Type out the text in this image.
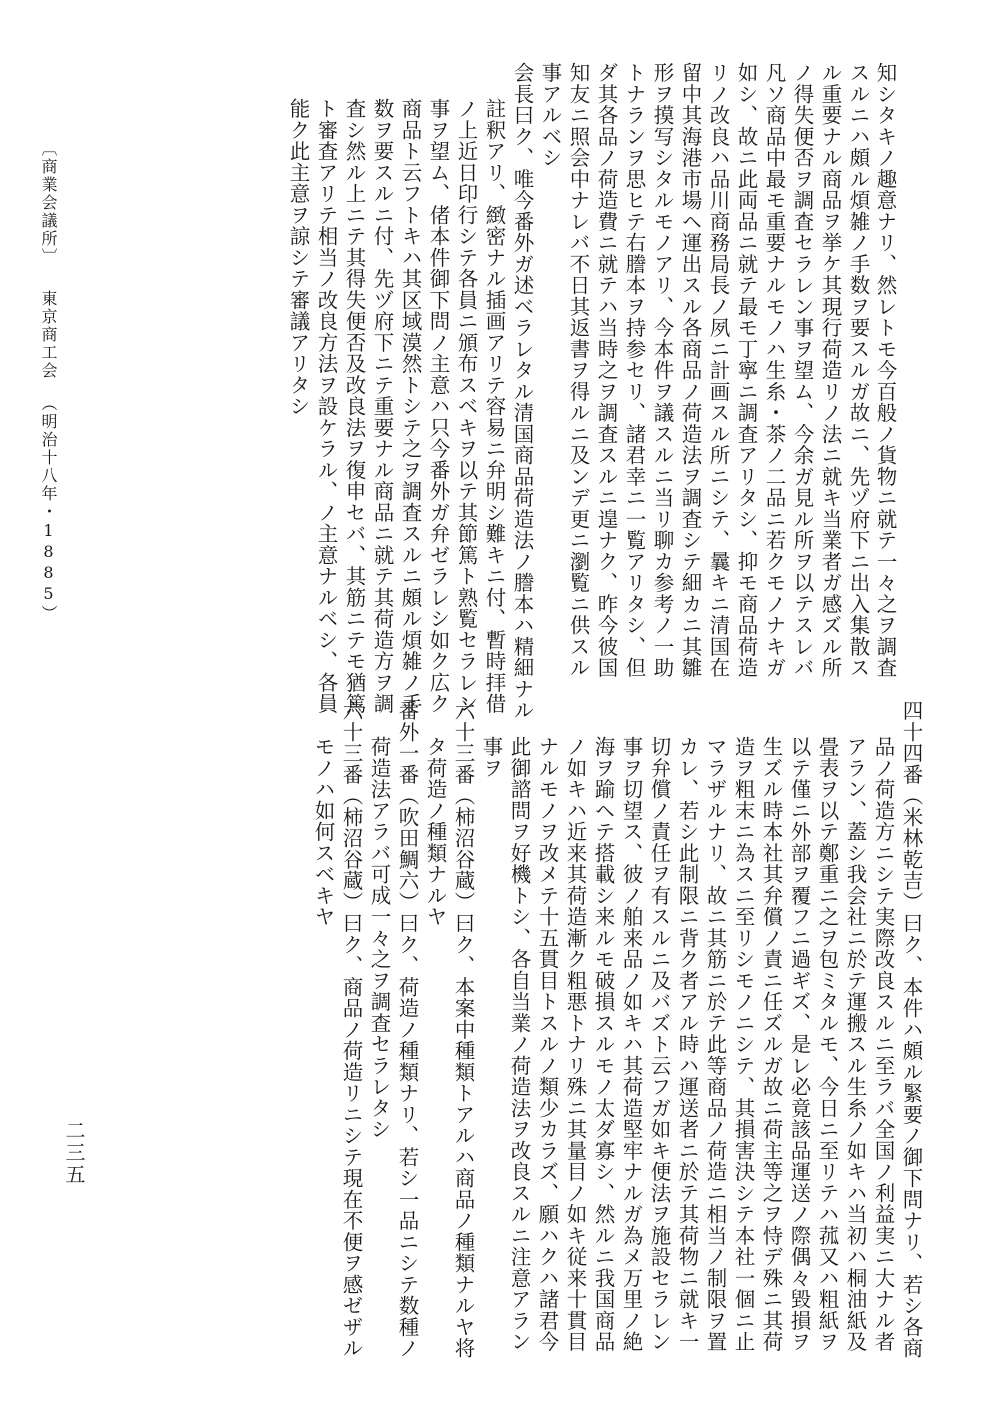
知シタキノ趣意ナリ、然レトモ今百般ノ貨物ニ就テ一々之ヲ調査
スルニハ頗ル煩雑ノ手数ヲ要スルガ故ニ、先ヅ府下ニ出入集散ス
ル重要ナル商品ヲ挙ケ其現行荷造リノ法ニ就キ当業者ガ感ズル所
ノ得失便否ヲ調査セラレン事ヲ望ム、今余ガ見ル所ヲ以テスレバ
凡ソ商品中最モ重要ナルモノハ生糸・茶ノ二品ニ若クモノナキガ
如シ、故ニ此両品ニ就テ最モ丁寧ニ調査アリタシ、抑モ商品荷造
リノ改良ハ品川商務局長ノ夙ニ計画スル所ニシテ、曩キニ清国在
留中其海港市場ヘ運出スル各商品ノ荷造法ヲ調査シテ細カニ其雛
形ヲ摸写シタルモノアリ、今本件ヲ議スルニ当リ聊カ参考ノ一助
トナランヲ思ヒテ右謄本ヲ持参セリ、諸君幸ニ一覧アリタシ、但
ダ其各品ノ荷造費ニ就テハ当時之ヲ調査スルニ遑ナク、昨今彼国
知友ニ照会中ナレバ不日其返書ヲ得ルニ及ンデ更ニ瀏覧ニ供スル
事アルベシ
会長曰ク、唯今番外ガ述ベラレタル清国商品荷造法ノ謄本ハ精細ナル
註釈アリ、緻密ナル插画アリテ容易ニ弁明シ難キニ付、暫時拝借
ノ上近日印行シテ各員ニ頒布スベキヲ以テ其節篤ト熟覧セラレン
事ヲ望ム、偖本件御下問ノ主意ハ只今番外ガ弁ゼラレシ如ク広ク
商品ト云フトキハ其区域漠然トシテ之ヲ調査スルニ頗ル煩雑ノ手
数ヲ要スルニ付、先ヅ府下ニテ重要ナル商品ニ就テ其荷造方ヲ調
査シ然ル上ニテ其得失便否及改良法ヲ復申セバ、其筋ニテモ猶篤
ト審査アリテ相当ノ改良方法ヲ設ケラル、ノ主意ナルベシ、各員
能ク此主意ヲ諒シテ審議アリタシ
四十四番（米林乾吉）曰ク、本件ハ頗ル緊要ノ御下問ナリ、若シ各商
品ノ荷造方ニシテ実際改良スルニ至ラバ全国ノ利益実ニ大ナル者
アラン、蓋シ我会社ニ於テ運搬スル生糸ノ如キハ当初ハ桐油紙及
畳表ヲ以テ鄭重ニ之ヲ包ミタルモ、今日ニ至リテハ菰又ハ粗紙ヲ
以テ僅ニ外部ヲ覆フニ過ギズ、是レ必竟該品運送ノ際偶々毀損ヲ
生ズル時本社其弁償ノ責ニ任ズルガ故ニ荷主等之ヲ恃デ殊ニ其荷
造ヲ粗末ニ為スニ至リシモノニシテ、其損害決シテ本社一個ニ止
マラザルナリ、故ニ其筋ニ於テ此等商品ノ荷造ニ相当ノ制限ヲ置
カレ、若シ此制限ニ背ク者アル時ハ運送者ニ於テ其荷物ニ就キ一
切弁償ノ責任ヲ有スルニ及バズト云フガ如キ便法ヲ施設セラレン
事ヲ切望ス、彼ノ舶来品ノ如キハ其荷造堅牢ナルガ為メ万里ノ絶
海ヲ踰ヘテ搭載シ来ルモ破損スルモノ太ダ寡シ、然ルニ我国商品
ノ如キハ近来其荷造漸ク粗悪トナリ殊ニ其量目ノ如キ従来十貫目
ナルモノヲ改メテ十五貫目トスルノ類少カラズ、願ハクハ諸君今
此御諮問ヲ好機トシ、各自当業ノ荷造法ヲ改良スルニ注意アラン
事ヲ
六十三番（柿沼谷蔵）曰ク、本案中種類トアルハ商品ノ種類ナルヤ将
タ荷造ノ種類ナルヤ
番外一番（吹田鯛六）曰ク、荷造ノ種類ナリ、若シ一品ニシテ数種ノ
荷造法アラバ可成一々之ヲ調査セラレタシ
六十三番（柿沼谷蔵）曰ク、商品ノ荷造リニシテ現在不便ヲ感ゼザル
モノハ如何スベキヤ
〔商業会議所〕
東京商工会
（明治十八年・1885）
二三五
